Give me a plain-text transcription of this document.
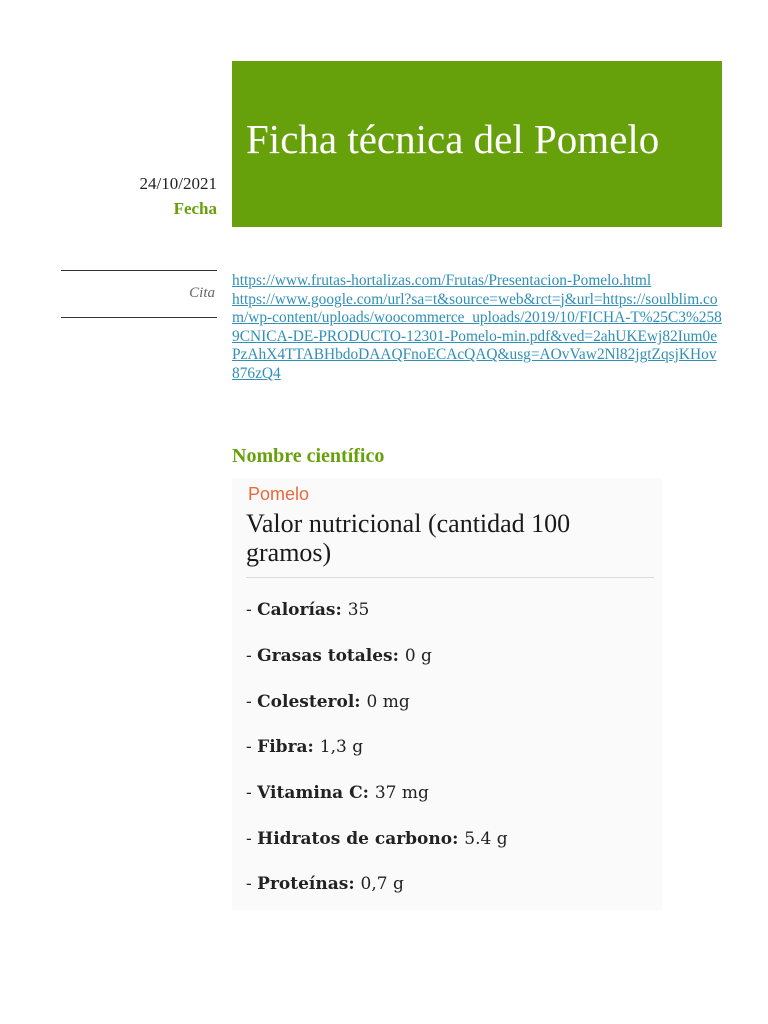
Ficha técnica del Pomelo
24/10/2021
Fecha
Cita
https://www.frutas-hortalizas.com/Frutas/Presentacion-Pomelo.html
https://www.google.com/url?sa=t&source=web&rct=j&url=https://soulblim.com/wp-content/uploads/woocommerce_uploads/2019/10/FICHA-T%25C3%2589CNICA-DE-PRODUCTO-12301-Pomelo-min.pdf&ved=2ahUKEwj82Ium0ePzAhX4TTABHbdoDAAQFnoECAcQAQ&usg=AOvVaw2Nl82jgtZqsjKHov876zQ4
Nombre científico
Pomelo
Valor nutricional (cantidad 100 gramos)
- Calorías: 35
- Grasas totales: 0 g
- Colesterol: 0 mg
- Fibra: 1,3 g
- Vitamina C: 37 mg
- Hidratos de carbono: 5.4 g
- Proteínas: 0,7 g
